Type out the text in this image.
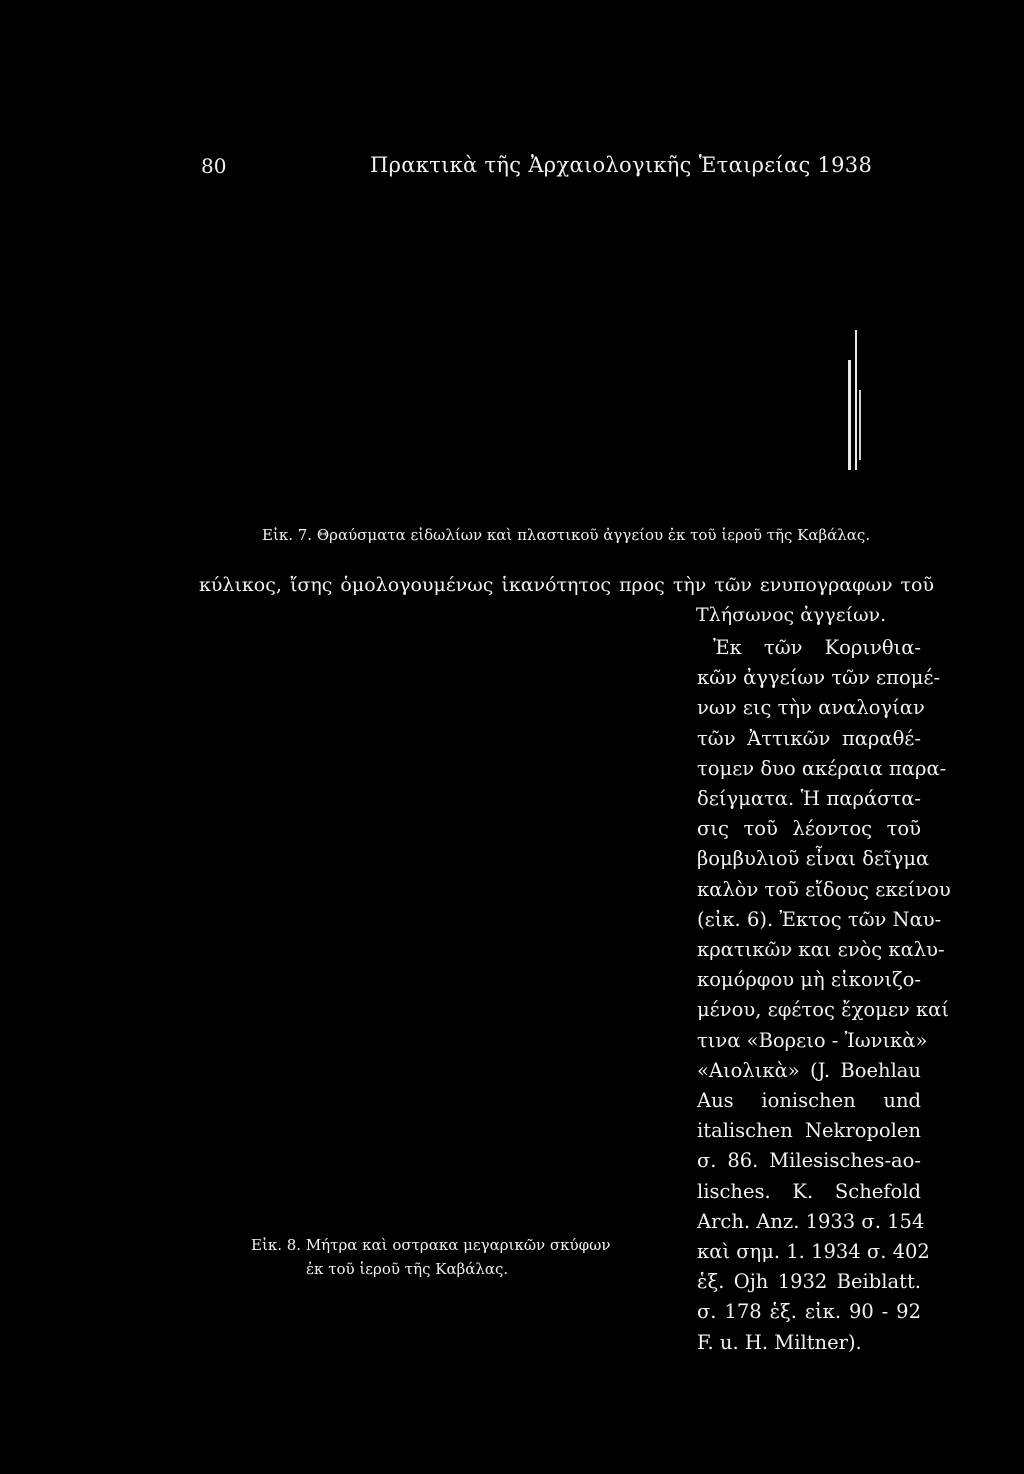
80	Πρακτικὰ τῆς Ἀρχαιολογικῆς Ἑταιρείας 1938
Εἰκ. 7. Θραύσματα εἰδωλίων καὶ πλαστικοῦ ἀγγείου ἐκ τοῦ ἱεροῦ τῆς Καβάλας.
κύλικος, ἴσης ὁμολογουμένως ἱκανότητος προς τὴν τῶν ενυπογραφων τοῦ
Τλήσωνος ἀγγείων.
Ἐκ τῶν Κορινθια-
κῶν ἀγγείων τῶν επομέ-
νων εις τὴν αναλογίαν
τῶν Ἀττικῶν παραθέ-
τομεν δυο ακέραια παρα-
δείγματα. Ἡ παράστα-
σις τοῦ λέοντος τοῦ
βομβυλιοῦ εἶναι δεῖγμα
καλὸν τοῦ εἴδους εκείνου
(εἰκ. 6). Ἐκτος τῶν Ναυ-
κρατικῶν και ενὸς καλυ-
κομόρφου μὴ εἰκονιζο-
μένου, εφέτος ἔχομεν καί
τινα «Βορειο - Ἰωνικὰ»
«Αιολικὰ» (J. Boehlau
Aus ionischen und
italischen Nekropolen
σ. 86. Milesisches-ao-
lisches. K. Schefold
Arch. Anz. 1933 σ. 154
καὶ σημ. 1. 1934 σ. 402
ἑξ. Ojh 1932 Beiblatt.
σ. 178 ἑξ. εἰκ. 90 - 92
F. u. H. Miltner).
Εἰκ. 8. Μήτρα καὶ οστρακα μεγαρικῶν σκύφων
ἐκ τοῦ ἱεροῦ τῆς Καβάλας.
